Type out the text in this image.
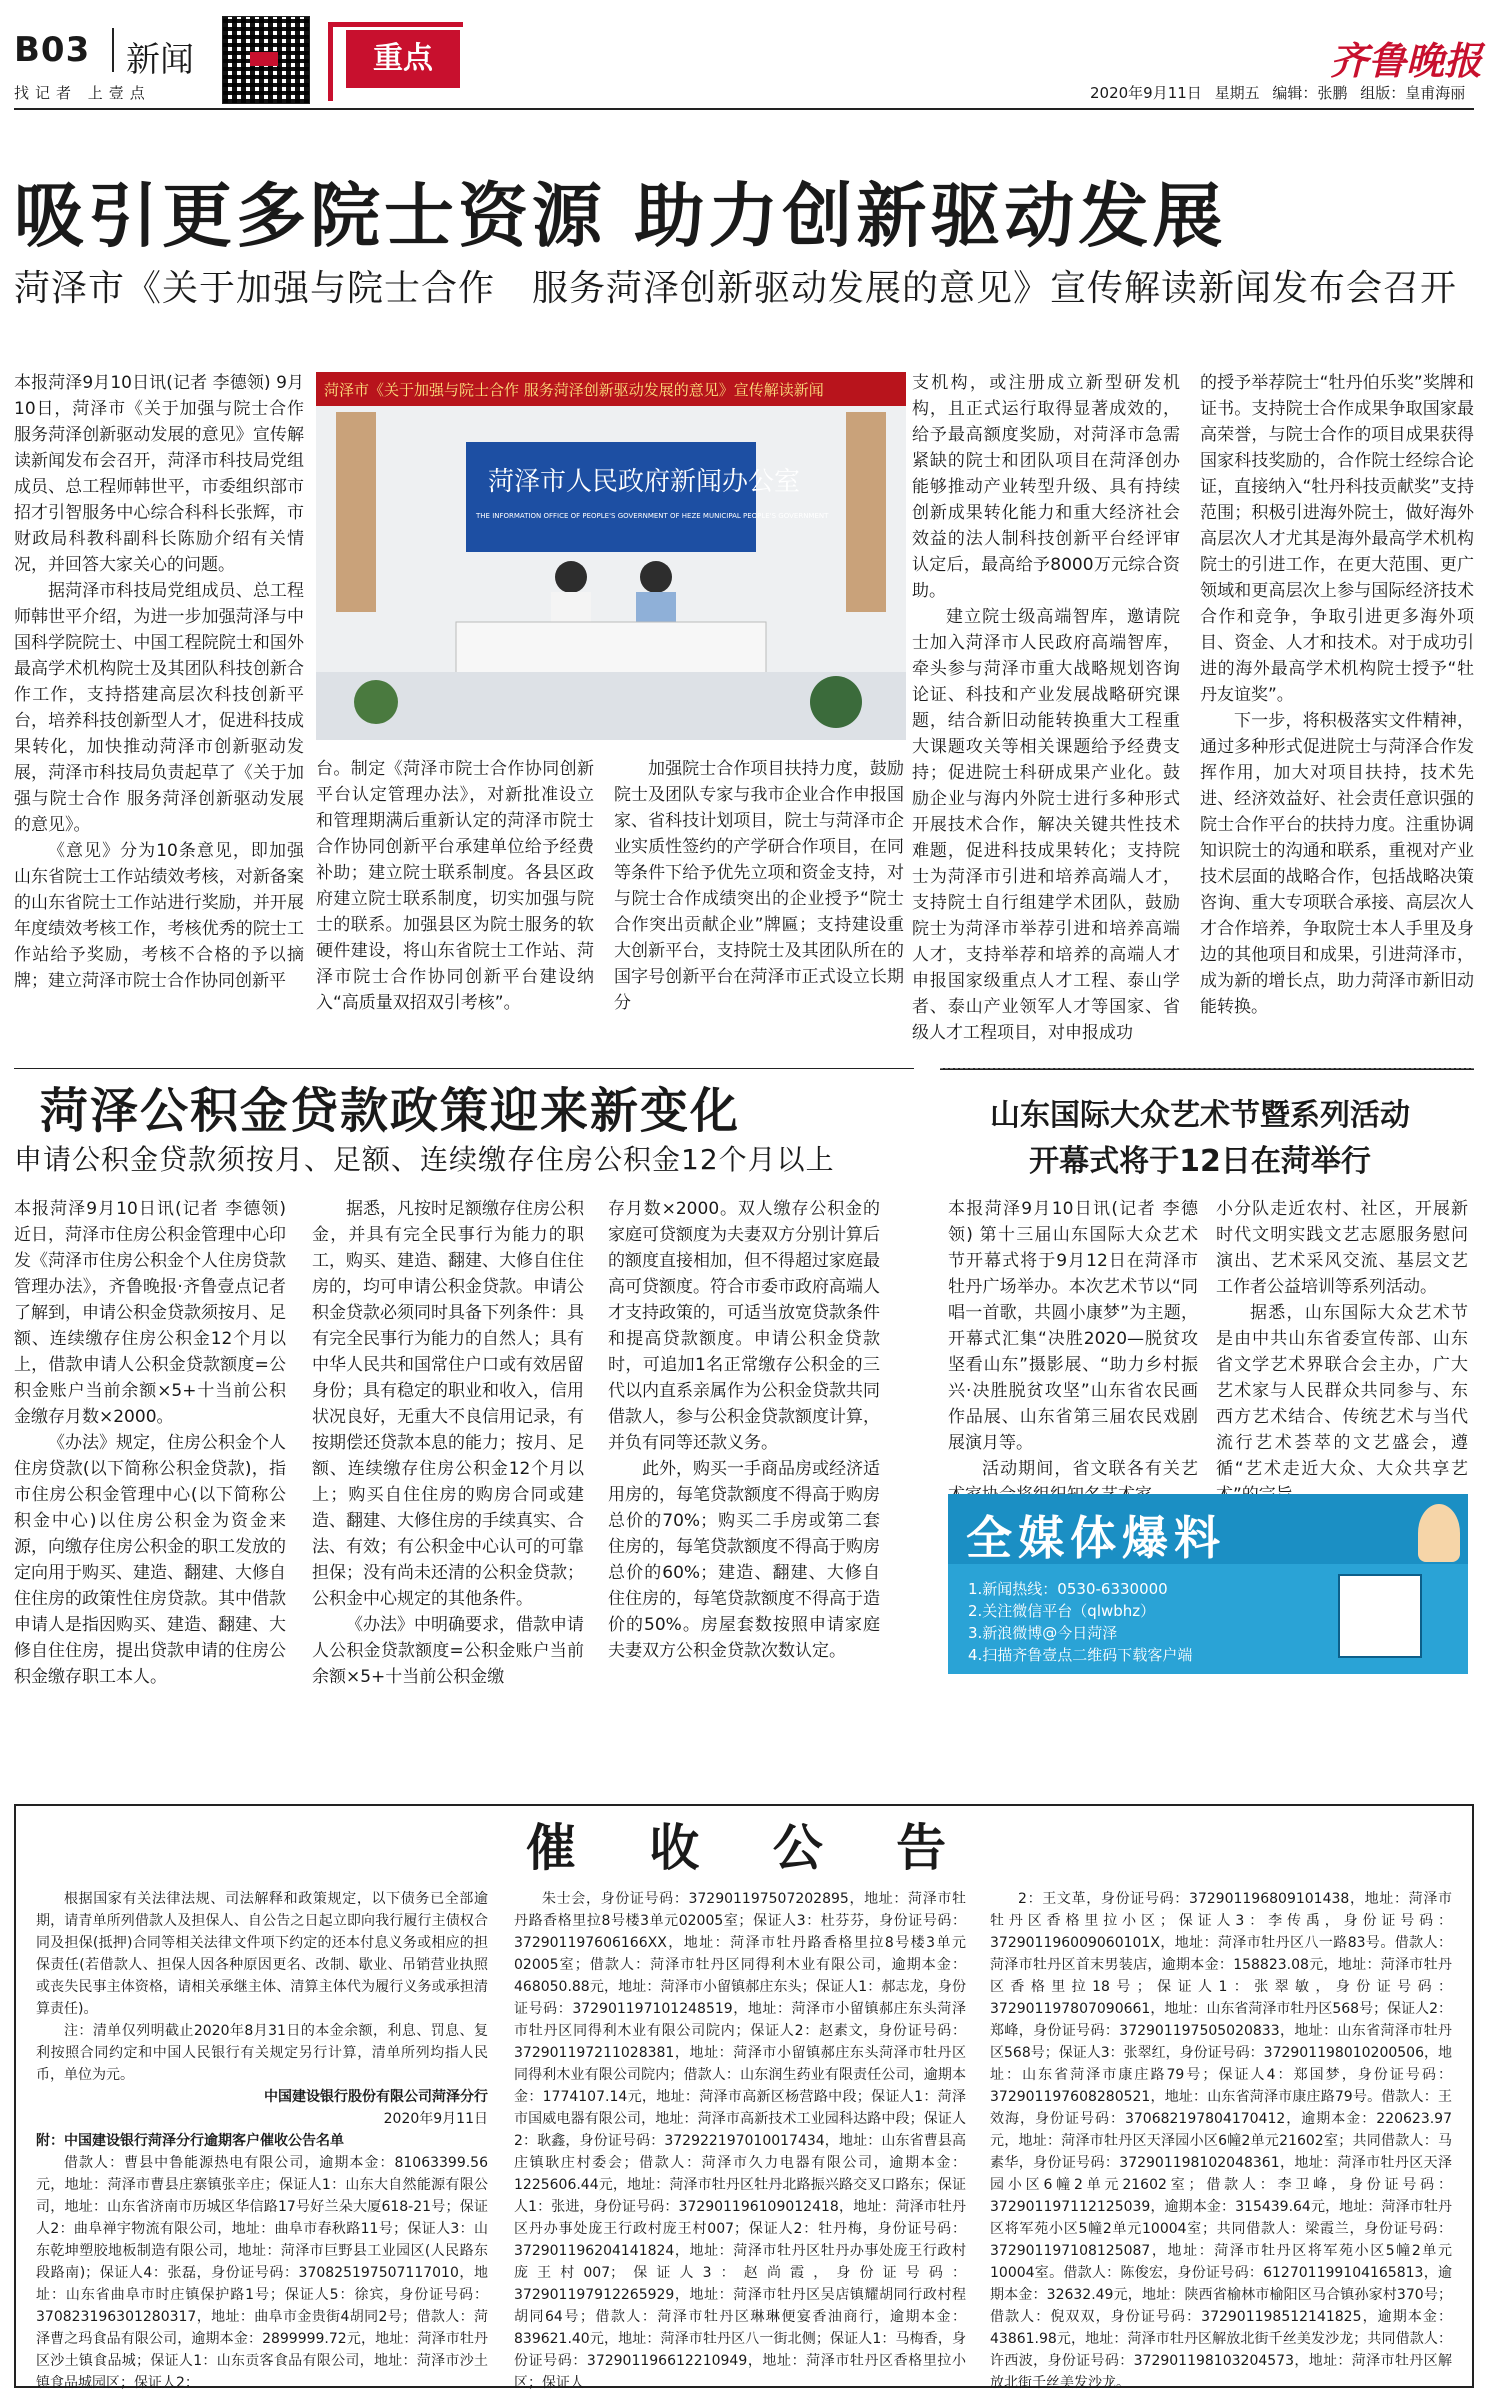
B03 新闻
找记者 上壹点
重点	齐鲁晚报
2020年9月11日 星期五 编辑：张鹏 组版：皇甫海丽
吸引更多院士资源 助力创新驱动发展
菏泽市《关于加强与院士合作　服务菏泽创新驱动发展的意见》宣传解读新闻发布会召开

本报菏泽9月10日讯(记者 李德领) 9月10日，菏泽市《关于加强与院士合作 服务菏泽创新驱动发展的意见》宣传解读新闻发布会召开，菏泽市科技局党组成员、总工程师韩世平，市委组织部市招才引智服务中心综合科科长张辉，市财政局科教科副科长陈励介绍有关情况，并回答大家关心的问题。

据菏泽市科技局党组成员、总工程师韩世平介绍，为进一步加强菏泽与中国科学院院士、中国工程院院士和国外最高学术机构院士及其团队科技创新合作工作，支持搭建高层次科技创新平台，培养科技创新型人才，促进科技成果转化，加快推动菏泽市创新驱动发展，菏泽市科技局负责起草了《关于加强与院士合作 服务菏泽创新驱动发展的意见》。

《意见》分为10条意见，即加强山东省院士工作站绩效考核，对新备案的山东省院士工作站进行奖励，并开展年度绩效考核工作，考核优秀的院士工作站给予奖励，考核不合格的予以摘牌；建立菏泽市院士合作协同创新平

菏泽市《关于加强与院士合作 服务菏泽创新驱动发展的意见》宣传解读新闻
菏泽市人民政府新闻办公室
THE INFORMATION OFFICE OF PEOPLE'S GOVERNMENT OF HEZE MUNICIPAL PEOPLE'S GOVERNMENT

台。制定《菏泽市院士合作协同创新平台认定管理办法》，对新批准设立和管理期满后重新认定的菏泽市院士合作协同创新平台承建单位给予经费补助；建立院士联系制度。各县区政府建立院士联系制度，切实加强与院士的联系。加强县区为院士服务的软硬件建设，将山东省院士工作站、菏泽市院士合作协同创新平台建设纳入“高质量双招双引考核”。

加强院士合作项目扶持力度，鼓励院士及团队专家与我市企业合作申报国家、省科技计划项目，院士与菏泽市企业实质性签约的产学研合作项目，在同等条件下给予优先立项和资金支持，对与院士合作成绩突出的企业授予“院士合作突出贡献企业”牌匾；支持建设重大创新平台，支持院士及其团队所在的国字号创新平台在菏泽市正式设立长期分

支机构，或注册成立新型研发机构，且正式运行取得显著成效的，给予最高额度奖励，对菏泽市急需紧缺的院士和团队项目在菏泽创办能够推动产业转型升级、具有持续创新成果转化能力和重大经济社会效益的法人制科技创新平台经评审认定后，最高给予8000万元综合资助。

建立院士级高端智库，邀请院士加入菏泽市人民政府高端智库，牵头参与菏泽市重大战略规划咨询论证、科技和产业发展战略研究课题，结合新旧动能转换重大工程重大课题攻关等相关课题给予经费支持；促进院士科研成果产业化。鼓励企业与海内外院士进行多种形式开展技术合作，解决关键共性技术难题，促进科技成果转化；支持院士为菏泽市引进和培养高端人才，支持院士自行组建学术团队，鼓励院士为菏泽市举荐引进和培养高端人才，支持举荐和培养的高端人才申报国家级重点人才工程、泰山学者、泰山产业领军人才等国家、省级人才工程项目，对申报成功

的授予举荐院士“牡丹伯乐奖”奖牌和证书。支持院士合作成果争取国家最高荣誉，与院士合作的项目成果获得国家科技奖励的，合作院士经综合论证，直接纳入“牡丹科技贡献奖”支持范围；积极引进海外院士，做好海外高层次人才尤其是海外最高学术机构院士的引进工作，在更大范围、更广领域和更高层次上参与国际经济技术合作和竞争，争取引进更多海外项目、资金、人才和技术。对于成功引进的海外最高学术机构院士授予“牡丹友谊奖”。

下一步，将积极落实文件精神，通过多种形式促进院士与菏泽合作发挥作用，加大对项目扶持，技术先进、经济效益好、社会责任意识强的院士合作平台的扶持力度。注重协调知识院士的沟通和联系，重视对产业技术层面的战略合作，包括战略决策咨询、重大专项联合承接、高层次人才合作培养，争取院士本人手里及身边的其他项目和成果，引进菏泽市，成为新的增长点，助力菏泽市新旧动能转换。

菏泽公积金贷款政策迎来新变化
申请公积金贷款须按月、足额、连续缴存住房公积金12个月以上

本报菏泽9月10日讯(记者 李德领) 近日，菏泽市住房公积金管理中心印发《菏泽市住房公积金个人住房贷款管理办法》，齐鲁晚报·齐鲁壹点记者了解到，申请公积金贷款须按月、足额、连续缴存住房公积金12个月以上，借款申请人公积金贷款额度=公积金账户当前余额×5+十当前公积金缴存月数×2000。

《办法》规定，住房公积金个人住房贷款(以下简称公积金贷款)，指市住房公积金管理中心(以下简称公积金中心)以住房公积金为资金来源，向缴存住房公积金的职工发放的定向用于购买、建造、翻建、大修自住住房的政策性住房贷款。其中借款申请人是指因购买、建造、翻建、大修自住住房，提出贷款申请的住房公积金缴存职工本人。

据悉，凡按时足额缴存住房公积金，并具有完全民事行为能力的职工，购买、建造、翻建、大修自住住房的，均可申请公积金贷款。申请公积金贷款必须同时具备下列条件：具有完全民事行为能力的自然人；具有中华人民共和国常住户口或有效居留身份；具有稳定的职业和收入，信用状况良好，无重大不良信用记录，有按期偿还贷款本息的能力；按月、足额、连续缴存住房公积金12个月以上；购买自住住房的购房合同或建造、翻建、大修住房的手续真实、合法、有效；有公积金中心认可的可靠担保；没有尚未还清的公积金贷款；公积金中心规定的其他条件。

《办法》中明确要求，借款申请人公积金贷款额度=公积金账户当前余额×5+十当前公积金缴

存月数×2000。双人缴存公积金的家庭可贷额度为夫妻双方分别计算后的额度直接相加，但不得超过家庭最高可贷额度。符合市委市政府高端人才支持政策的，可适当放宽贷款条件和提高贷款额度。申请公积金贷款时，可追加1名正常缴存公积金的三代以内直系亲属作为公积金贷款共同借款人，参与公积金贷款额度计算，并负有同等还款义务。

此外，购买一手商品房或经济适用房的，每笔贷款额度不得高于购房总价的70%；购买二手房或第二套住房的，每笔贷款额度不得高于购房总价的60%；建造、翻建、大修自住住房的，每笔贷款额度不得高于造价的50%。房屋套数按照申请家庭夫妻双方公积金贷款次数认定。

山东国际大众艺术节暨系列活动
开幕式将于12日在菏举行

本报菏泽9月10日讯(记者 李德领) 第十三届山东国际大众艺术节开幕式将于9月12日在菏泽市牡丹广场举办。本次艺术节以“同唱一首歌，共圆小康梦”为主题，开幕式汇集“决胜2020—脱贫攻坚看山东”摄影展、“助力乡村振兴·决胜脱贫攻坚”山东省农民画作品展、山东省第三届农民戏剧展演月等。

活动期间，省文联各有关艺

小分队走近农村、社区，开展新时代文明实践文艺志愿服务慰问演出、艺术采风交流、基层文艺工作者公益培训等系列活动。

据悉，山东国际大众艺术节是由中共山东省委宣传部、山东省文学艺术界联合会主办，广大艺术家与人民群众共同参与、东西方艺术结合、传统艺术与当代流行艺术荟萃的文艺盛会，遵循“艺术走近大众、大众共享艺

全媒体爆料
1.新闻热线：0530-6330000
2.关注微信平台（qlwbhz）
3.新浪微博@今日菏泽
4.扫描齐鲁壹点二维码下载客户端
催 收 公 告

根据国家有关法律法规、司法解释和政策规定，以下债务已全部逾期，请青单所列借款人及担保人、自公告之日起立即向我行履行主债权合同及担保(抵押)合同等相关法律文件项下约定的还本付息义务或相应的担保责任(若借款人、担保人因各种原因更名、改制、歇业、吊销营业执照或丧失民事主体资格，请相关承继主体、清算主体代为履行义务或承担清算责任)。

注：清单仅列明截止2020年8月31日的本金余额，利息、罚息、复利按照合同约定和中国人民银行有关规定另行计算，清单所列均指人民币，单位为元。

中国建设银行股份有限公司菏泽分行
2020年9月11日
附：中国建设银行菏泽分行逾期客户催收公告名单

借款人：曹县中鲁能源热电有限公司，逾期本金：81063399.56元，地址：菏泽市曹县庄寨镇张辛庄；保证人1：山东大自然能源有限公司，地址：山东省济南市历城区华信路17号好兰朵大厦618-21号；保证人2：曲阜禅宇物流有限公司，地址：曲阜市春秋路11号；保证人3：山东乾坤塑胶地板制造有限公司，地址：菏泽市巨野县工业园区(人民路东段路南)；保证人4：张磊，身份证号码：370825197507117010，地址：山东省曲阜市时庄镇保护路1号；保证人5：徐宾，身份证号码：370823196301280317，地址：曲阜市金贵街4胡同2号；借款人：菏泽曹之玛食品有限公司，逾期本金：2899999.72元，地址：菏泽市牡丹区沙土镇食品城；保证人1：山东贡客食品有限公司，地址：菏泽市沙土镇食品城园区；保证人2：

朱士会，身份证号码：372901197507202895，地址：菏泽市牡丹路香格里拉8号楼3单元02005室；保证人3：杜芬芬，身份证号码：372901197606166XX，地址：菏泽市牡丹路香格里拉8号楼3单元02005室；借款人：菏泽市牡丹区同得利木业有限公司，逾期本金：468050.88元，地址：菏泽市小留镇郝庄东头；保证人1：郝志龙，身份证号码：372901197101248519，地址：菏泽市小留镇郝庄东头菏泽市牡丹区同得利木业有限公司院内；保证人2：赵素文，身份证号码：372901197211028381，地址：菏泽市小留镇郝庄东头菏泽市牡丹区同得利木业有限公司院内；借款人：山东润生药业有限责任公司，逾期本金：1774107.14元，地址：菏泽市高新区杨营路中段；保证人1：菏泽市国威电器有限公司，地址：菏泽市高新技术工业园科达路中段；保证人2：耿鑫，身份证号码：372922197010017434，地址：山东省曹县高庄镇耿庄村委会；借款人：菏泽市久力电器有限公司，逾期本金：1225606.44元，地址：菏泽市牡丹区牡丹北路振兴路交叉口路东；保证人1：张进，身份证号码：372901196109012418，地址：菏泽市牡丹区丹办事处庞王行政村庞王村007；保证人2：牡丹梅，身份证号码：372901196204141824，地址：菏泽市牡丹区牡丹办事处庞王行政村庞王村007；保证人3：赵尚霞，身份证号码：372901197912265929，地址：菏泽市牡丹区吴店镇耀胡同行政村程胡同64号；借款人：菏泽市牡丹区琳琳便宴香油商行，逾期本金：839621.40元，地址：菏泽市牡丹区八一街北侧；保证人1：马梅香，身份证号码：372901196612210949，地址：菏泽市牡丹区香格里拉小区；保证人

2：王文革，身份证号码：372901196809101438，地址：菏泽市牡丹区香格里拉小区；保证人3：李传禹，身份证号码：372901196009060101X，地址：菏泽市牡丹区八一路83号。借款人：菏泽市牡丹区首末男装店，逾期本金：158823.08元，地址：菏泽市牡丹区香格里拉18号；保证人1：张翠敏，身份证号码：372901197807090661，地址：山东省菏泽市牡丹区568号；保证人2：郑峰，身份证号码：372901197505020833，地址：山东省菏泽市牡丹区568号；保证人3：张翠红，身份证号码：372901198010200506，地址：山东省菏泽市康庄路79号；保证人4：郑国梦，身份证号码：372901197608280521，地址：山东省菏泽市康庄路79号。借款人：王效海，身份证号码：370682197804170412，逾期本金：220623.97元，地址：菏泽市牡丹区天泽园小区6幢2单元21602室；共同借款人：马素华，身份证号码：372901198102048361，地址：菏泽市牡丹区天泽园小区6幢2单元21602室；借款人：李卫峰，身份证号码：372901197112125039，逾期本金：315439.64元，地址：菏泽市牡丹区将军苑小区5幢2单元10004室；共同借款人：梁霞兰，身份证号码：372901197108125087，地址：菏泽市牡丹区将军苑小区5幢2单元10004室。借款人：陈俊宏，身份证号码：612701199104165813，逾期本金：32632.49元，地址：陕西省榆林市榆阳区马合镇孙家村370号；借款人：倪双双，身份证号码：372901198512141825，逾期本金：43861.98元，地址：菏泽市牡丹区解放北街千丝美发沙龙；共同借款人：许西波，身份证号码：372901198103204573，地址：菏泽市牡丹区解放北街千丝美发沙龙。
